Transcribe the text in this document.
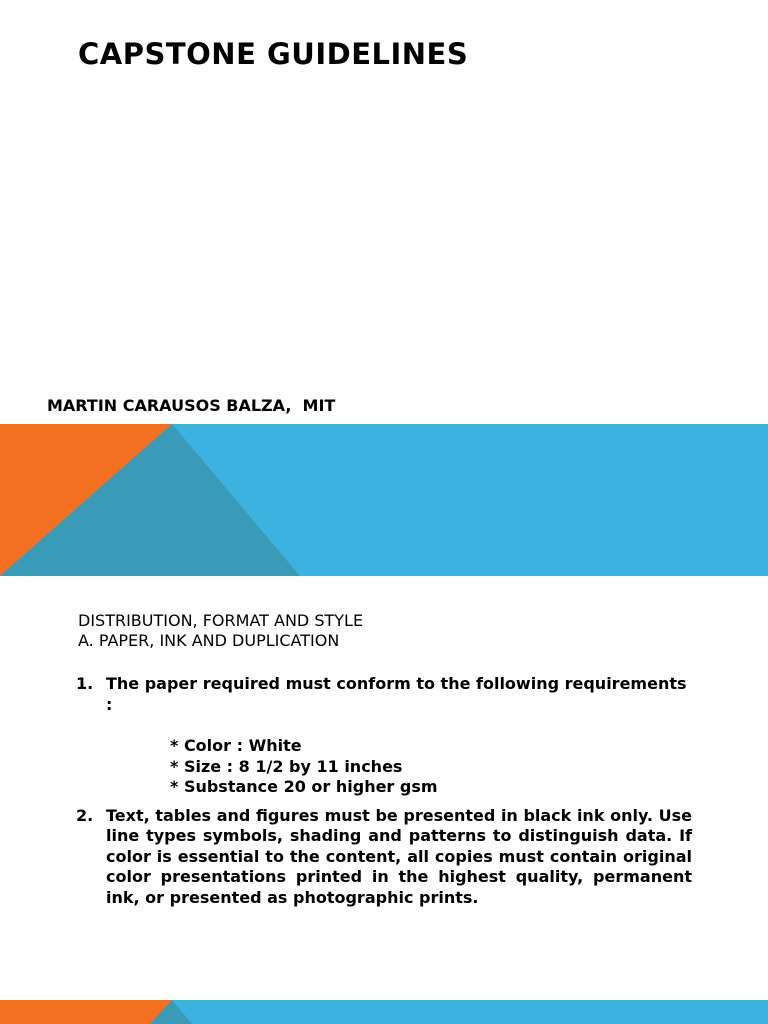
CAPSTONE GUIDELINES
MARTIN CARAUSOS BALZA,  MIT
DISTRIBUTION, FORMAT AND STYLE
A. PAPER, INK AND DUPLICATION
1. The paper required must conform to the following requirements :
* Color : White
* Size : 8 1/2 by 11 inches
* Substance 20 or higher gsm
2. Text, tables and figures must be presented in black ink only. Use line types symbols, shading and patterns to distinguish data. If color is essential to the content, all copies must contain original color presentations printed in the highest quality, permanent ink, or presented as photographic prints.
